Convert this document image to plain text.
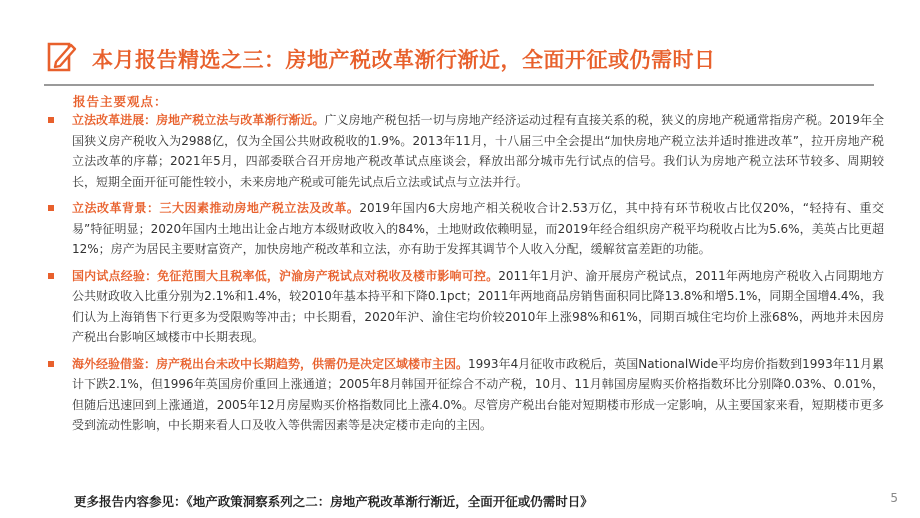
本月报告精选之三：房地产税改革渐行渐近，全面开征或仍需时日
报告主要观点：

立法改革进展：房地产税立法与改革渐行渐近。广义房地产税包括一切与房地产经济运动过程有直接关系的税，狭义的房地产税通常指房产税。2019年全国狭义房产税收入为2988亿，仅为全国公共财政税收的1.9%。2013年11月，十八届三中全会提出“加快房地产税立法并适时推进改革”，拉开房地产税立法改革的序幕；2021年5月，四部委联合召开房地产税改革试点座谈会，释放出部分城市先行试点的信号。我们认为房地产税立法环节较多、周期较长，短期全面开征可能性较小，未来房地产税或可能先试点后立法或试点与立法并行。

立法改革背景：三大因素推动房地产税立法及改革。2019年国内6大房地产相关税收合计2.53万亿，其中持有环节税收占比仅20%，“轻持有、重交易”特征明显；2020年国内土地出让金占地方本级财政收入的84%，土地财政依赖明显，而2019年经合组织房产税平均税收占比为5.6%，美英占比更超12%；房产为居民主要财富资产，加快房地产税改革和立法，亦有助于发挥其调节个人收入分配，缓解贫富差距的功能。

国内试点经验：免征范围大且税率低，沪渝房产税试点对税收及楼市影响可控。2011年1月沪、渝开展房产税试点，2011年两地房产税收入占同期地方公共财政收入比重分别为2.1%和1.4%，较2010年基本持平和下降0.1pct；2011年两地商品房销售面积同比降13.8%和增5.1%，同期全国增4.4%，我们认为上海销售下行更多为受限购等冲击；中长期看，2020年沪、渝住宅均价较2010年上涨98%和61%，同期百城住宅均价上涨68%，两地并未因房产税出台影响区域楼市中长期表现。

海外经验借鉴：房产税出台未改中长期趋势，供需仍是决定区域楼市主因。1993年4月征收市政税后，英国NationalWide平均房价指数到1993年11月累计下跌2.1%，但1996年英国房价重回上涨通道；2005年8月韩国开征综合不动产税，10月、11月韩国房屋购买价格指数环比分别降0.03%、0.01%，但随后迅速回到上涨通道，2005年12月房屋购买价格指数同比上涨4.0%。尽管房产税出台能对短期楼市形成一定影响，从主要国家来看，短期楼市更多受到流动性影响，中长期来看人口及收入等供需因素等是决定楼市走向的主因。

更多报告内容参见：《地产政策洞察系列之二：房地产税改革渐行渐近，全面开征或仍需时日》	5
